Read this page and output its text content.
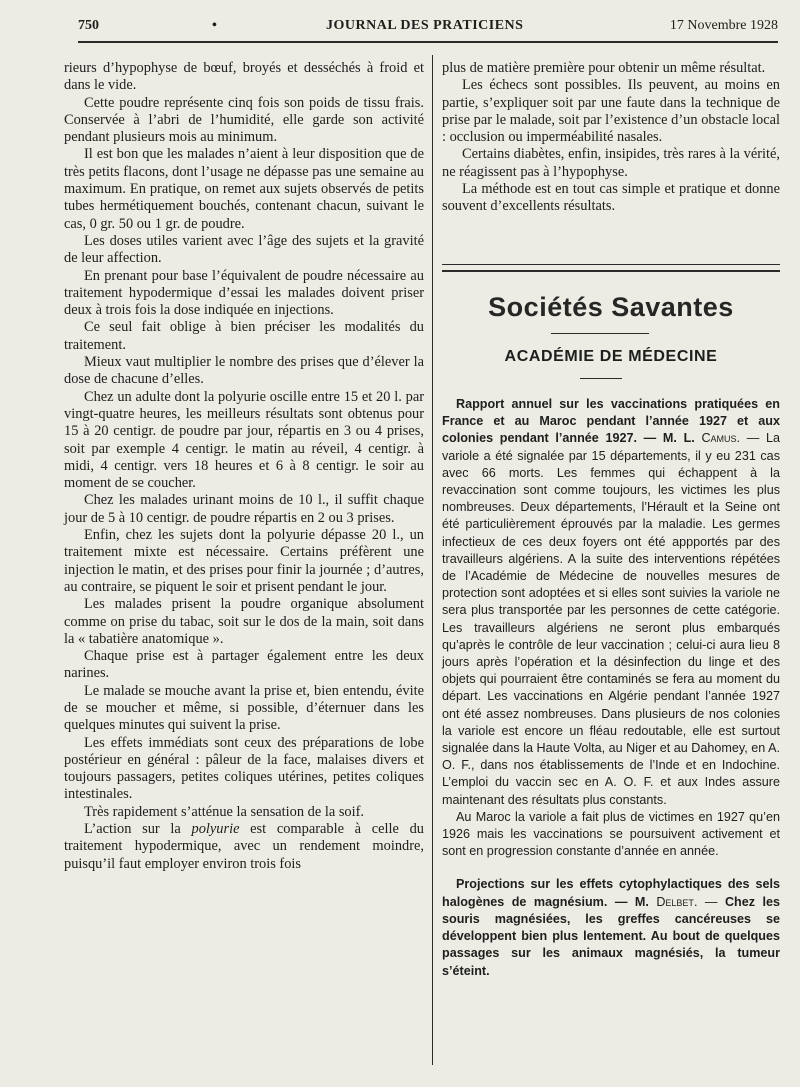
750	•	JOURNAL DES PRATICIENS	17 Novembre 1928

rieurs d’hypophyse de bœuf, broyés et desséchés à froid et dans le vide.

Cette poudre représente cinq fois son poids de tissu frais. Conservée à l’abri de l’humidité, elle garde son activité pendant plusieurs mois au minimum.

Il est bon que les malades n’aient à leur disposition que de très petits flacons, dont l’usage ne dépasse pas une semaine au maximum. En pratique, on remet aux sujets observés de petits tubes hermétiquement bouchés, contenant chacun, suivant le cas, 0 gr. 50 ou 1 gr. de poudre.

Les doses utiles varient avec l’âge des sujets et la gravité de leur affection.

En prenant pour base l’équivalent de poudre nécessaire au traitement hypodermique d’essai les malades doivent priser deux à trois fois la dose indiquée en injections.

Ce seul fait oblige à bien préciser les modalités du traitement.

Mieux vaut multiplier le nombre des prises que d’élever la dose de chacune d’elles.

Chez un adulte dont la polyurie oscille entre 15 et 20 l. par vingt-quatre heures, les meilleurs résultats sont obtenus pour 15 à 20 centigr. de poudre par jour, répartis en 3 ou 4 prises, soit par exemple 4 centigr. le matin au réveil, 4 centigr. à midi, 4 centigr. vers 18 heures et 6 à 8 centigr. le soir au moment de se coucher.

Chez les malades urinant moins de 10 l., il suffit chaque jour de 5 à 10 centigr. de poudre répartis en 2 ou 3 prises.

Enfin, chez les sujets dont la polyurie dépasse 20 l., un traitement mixte est nécessaire. Certains préfèrent une injection le matin, et des prises pour finir la journée ; d’autres, au contraire, se piquent le soir et prisent pendant le jour.

Les malades prisent la poudre organique absolument comme on prise du tabac, soit sur le dos de la main, soit dans la « tabatière anatomique ».

Chaque prise est à partager également entre les deux narines.

Le malade se mouche avant la prise et, bien entendu, évite de se moucher et même, si possible, d’éternuer dans les quelques minutes qui suivent la prise.

Les effets immédiats sont ceux des préparations de lobe postérieur en général : pâleur de la face, malaises divers et toujours passagers, petites coliques utérines, petites coliques intestinales.

Très rapidement s’atténue la sensation de la soif.

L’action sur la polyurie est comparable à celle du traitement hypodermique, avec un rendement moindre, puisqu’il faut employer environ trois fois

plus de matière première pour obtenir un même résultat.

Les échecs sont possibles. Ils peuvent, au moins en partie, s’expliquer soit par une faute dans la technique de prise par le malade, soit par l’existence d’un obstacle local : occlusion ou imperméabilité nasales.

Certains diabètes, enfin, insipides, très rares à la vérité, ne réagissent pas à l’hypophyse.

La méthode est en tout cas simple et pratique et donne souvent d’excellents résultats.

Sociétés Savantes
ACADÉMIE DE MÉDECINE

Rapport annuel sur les vaccinations pratiquées en France et au Maroc pendant l’année 1927 et aux colonies pendant l’année 1927. — M. L. Camus. — La variole a été signalée par 15 départements, il y eu 231 cas avec 66 morts. Les femmes qui échappent à la revaccination sont comme toujours, les victimes les plus nombreuses. Deux départements, l’Hérault et la Seine ont été particulièrement éprouvés par la maladie. Les germes infectieux de ces deux foyers ont été appportés par des travailleurs algériens. A la suite des interventions répétées de l’Académie de Médecine de nouvelles mesures de protection sont adoptées et si elles sont suivies la variole ne sera plus transportée par les personnes de cette catégorie. Les travailleurs algériens ne seront plus embarqués qu’après le contrôle de leur vaccination ; celui-ci aura lieu 8 jours après l’opération et la désinfection du linge et des objets qui pourraient être contaminés se fera au moment du départ. Les vaccinations en Algérie pendant l’année 1927 ont été assez nombreuses. Dans plusieurs de nos colonies la variole est encore un fléau redoutable, elle est surtout signalée dans la Haute Volta, au Niger et au Dahomey, en A. O. F., dans nos établissements de l’Inde et en Indochine. L’emploi du vaccin sec en A. O. F. et aux Indes assure maintenant des résultats plus constants.

Au Maroc la variole a fait plus de victimes en 1927 qu’en 1926 mais les vaccinations se poursuivent activement et sont en progression constante d’année en année.

Projections sur les effets cytophylactiques des sels halogènes de magnésium. — M. Delbet. — Chez les souris magnésiées, les greffes cancéreuses se développent bien plus lentement. Au bout de quelques passages sur les animaux magnésiés, la tumeur s’éteint.
